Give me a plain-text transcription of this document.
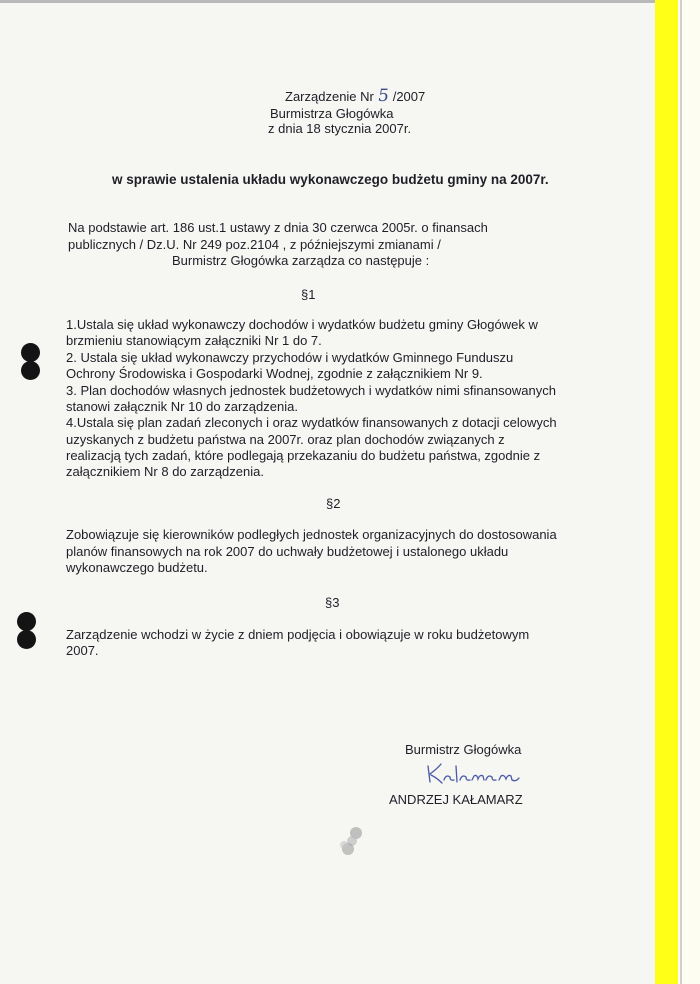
Zarządzenie Nr 5 /2007
Burmistrza Głogówka
z dnia 18 stycznia 2007r.
w sprawie ustalenia układu wykonawczego budżetu gminy na 2007r.
Na podstawie art. 186 ust.1 ustawy z dnia 30 czerwca 2005r. o finansach
publicznych / Dz.U. Nr 249 poz.2104 , z późniejszymi zmianami /
Burmistrz Głogówka zarządza co następuje :
§1
1.Ustala się układ wykonawczy dochodów i wydatków budżetu gminy Głogówek w
brzmieniu stanowiącym załączniki Nr 1 do 7.
2. Ustala się układ wykonawczy przychodów i wydatków Gminnego Funduszu
Ochrony Środowiska i Gospodarki Wodnej, zgodnie z załącznikiem Nr 9.
3. Plan dochodów własnych jednostek budżetowych i wydatków nimi sfinansowanych
stanowi załącznik Nr 10 do zarządzenia.
4.Ustala się plan zadań zleconych i oraz wydatków finansowanych z dotacji celowych
uzyskanych z budżetu państwa na 2007r. oraz plan dochodów związanych z
realizacją tych zadań, które podlegają przekazaniu do budżetu państwa, zgodnie z
załącznikiem Nr 8 do zarządzenia.
§2
Zobowiązuje się kierowników podległych jednostek organizacyjnych do dostosowania
planów finansowych na rok 2007 do uchwały budżetowej i ustalonego układu
wykonawczego budżetu.
§3
Zarządzenie wchodzi w życie z dniem podjęcia i obowiązuje w roku budżetowym
2007.
Burmistrz Głogówka
ANDRZEJ KAŁAMARZ
